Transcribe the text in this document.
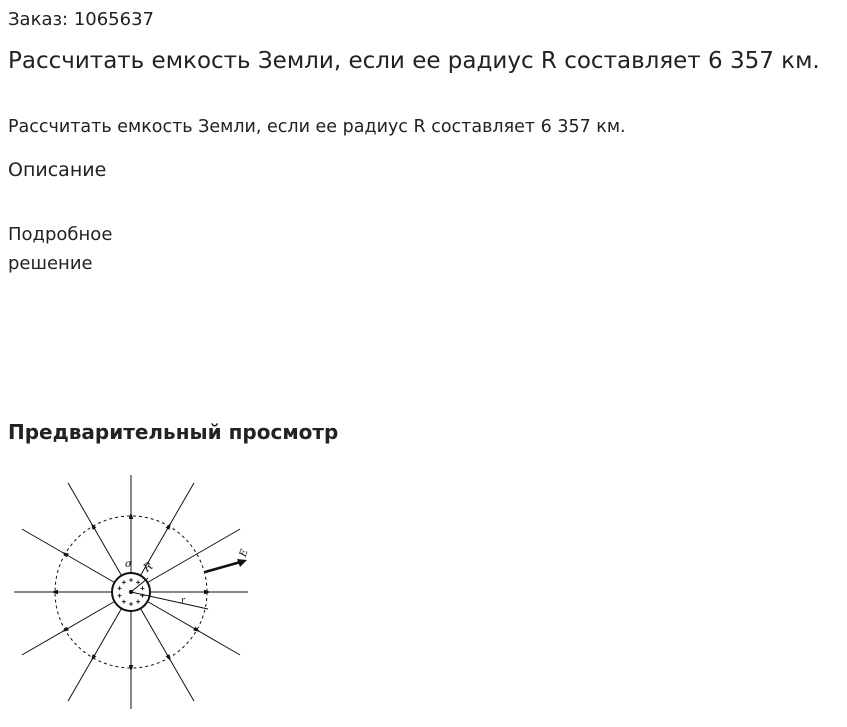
Заказ: 1065637

Рассчитать емкость Земли, если ее радиус R составляет 6 357 км.

Рассчитать емкость Земли, если ее радиус R составляет 6 357 км.

Описание

Подробное решение

Предварительный просмотр
σ R
E
r
